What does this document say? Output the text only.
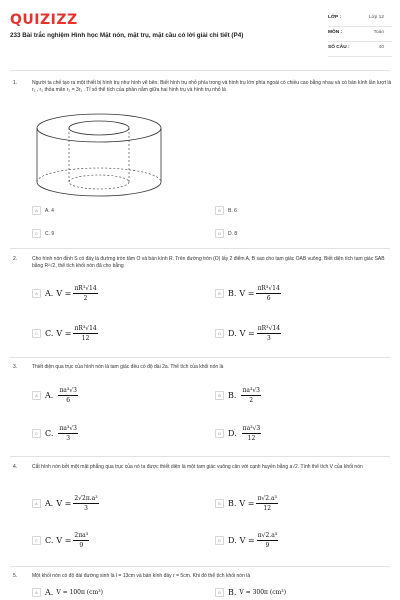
QUIZIZZ
233 Bài trắc nghiệm Hình học Mặt nón, mặt trụ, mặt cầu có lời giải chi tiết (P4)
LỚP :	Lớp 12
MÔN :	Toán
SỐ CÂU :	40
1.	Người ta chế tạo ra một thiết bị hình trụ như hình vẽ bên. Biết hình trụ nhỏ phía trong và hình trụ lớn phía ngoài có chiều cao bằng nhau và có bán kính lần lượt là r₁ , r₂ thỏa mãn r₂ = 3r₁ . Tỉ số thể tích của phần nằm giữa hai hình trụ và hình trụ nhỏ là
A	A. 4	B	B. 6
C	C. 9	D	D. 8
2.	Cho hình nón đỉnh S có đáy là đường tròn tâm O và bán kính R. Trên đường tròn (O) lấy 2 điểm A, B sao cho tam giác OAB vuông. Biết diện tích tam giác SAB bằng R²√2, thể tích khối nón đã cho bằng
A A. $V = \frac{\text{πR³√14}}{2}$	B B. $V = \frac{\text{πR³√14}}{6}$
C C. $V = \frac{\text{πR³√14}}{12}$	D D. $V = \frac{\text{πR³√14}}{3}$
3.	Thiết diện qua trục của hình nón là tam giác đều có độ dài 2a. Thể tích của khối nón là
A A. $\frac{\text{πa³√3}}{6}$	B B. $\frac{\text{πa³√3}}{2}$
C C. $\frac{\text{πa³√3}}{3}$	D D. $\frac{\text{πa³√3}}{12}$
4.	Cắt hình nón bởi một mặt phẳng qua trục của nó ta được thiết diện là một tam giác vuông cân với cạnh huyền bằng a√2. Tính thể tích V của khối nón
A A. $V = \frac{\text{2√2π.a³}}{3}$	B B. $V = \frac{\text{π√2.a³}}{12}$
C C. $V = \frac{\text{2πa³}}{9}$	D D. $V = \frac{\text{π√2.a³}}{9}$
5.	Một khối nón có độ dài đường sinh là l = 13cm và bán kính đáy r = 5cm. Khi đó thể tích khối nón là
A A. V = 100π (cm³)	B B. V = 300π (cm³)
